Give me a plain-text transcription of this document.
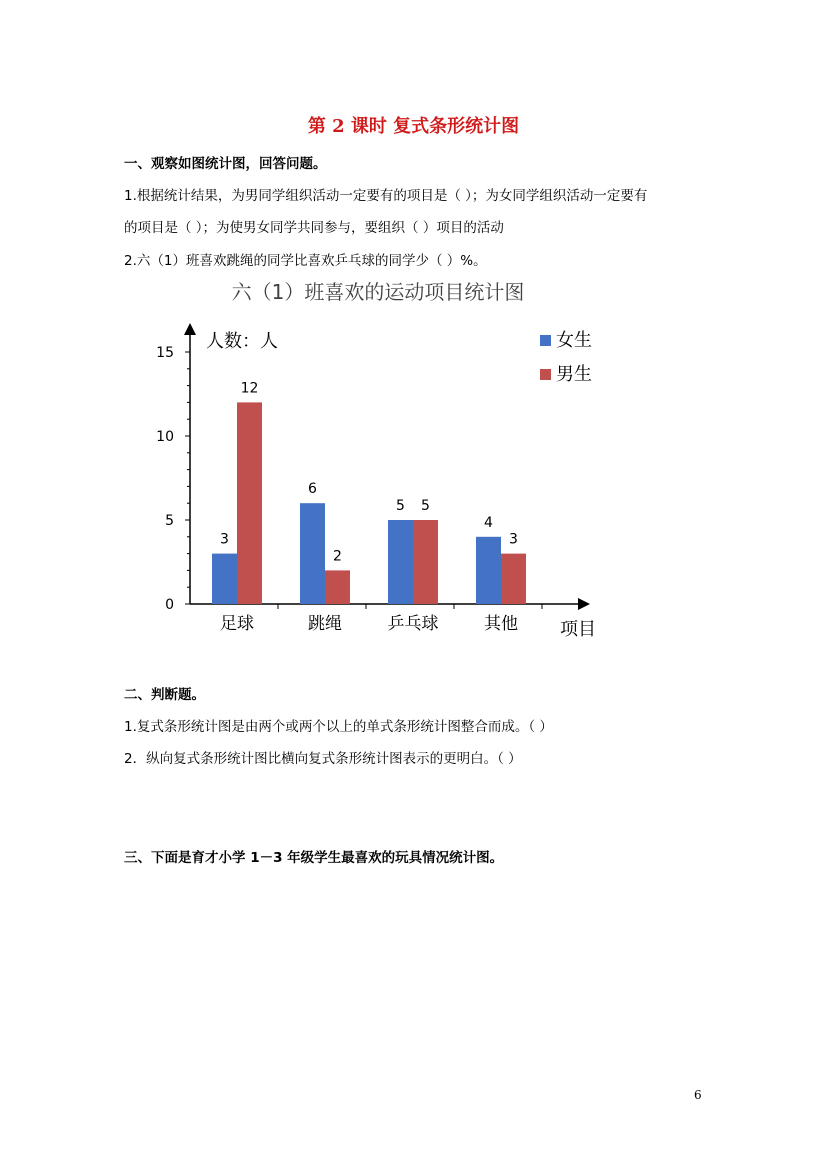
第 2 课时 复式条形统计图
一、观察如图统计图，回答问题。
1.根据统计结果，为男同学组织活动一定要有的项目是（ ）；为女同学组织活动一定要有
的项目是（ ）；为使男女同学共同参与，要组织（ ）项目的活动
2.六（1）班喜欢跳绳的同学比喜欢乒乓球的同学少（ ）%。
六（1）班喜欢的运动项目统计图
人数：人
项目
0
5
10
15
足球	跳绳	乒乓球	其他
3
12
6
2
5 5
4
3
女生
男生
二、判断题。
1.复式条形统计图是由两个或两个以上的单式条形统计图整合而成。（ ）
2．纵向复式条形统计图比横向复式条形统计图表示的更明白。（ ）
三、下面是育才小学 1－3 年级学生最喜欢的玩具情况统计图。
6
